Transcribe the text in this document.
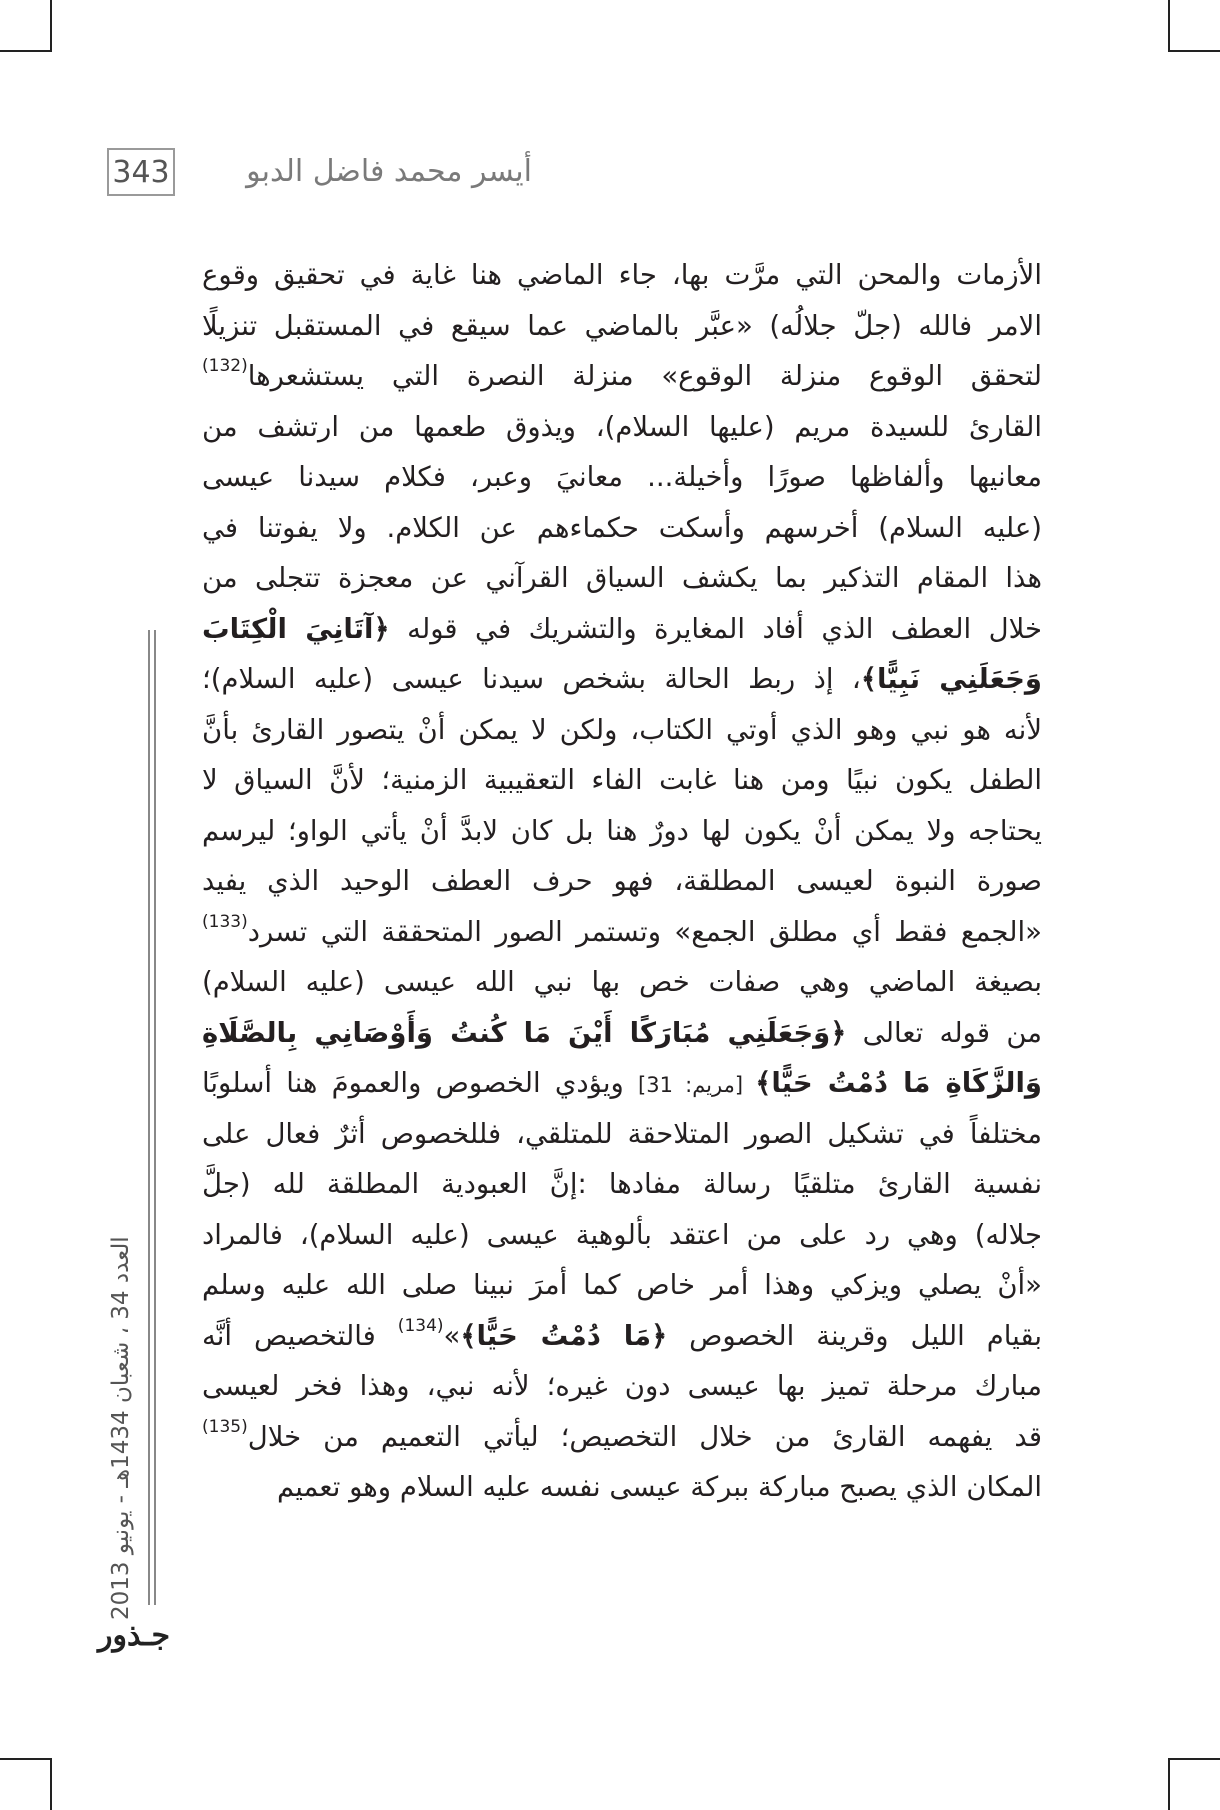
343	أيسر محمد فاضل الدبو
العدد 34 ، شعبان 1434هـ - يونيو 2013
جـذور
الأزمات والمحن التي مرَّت بها، جاء الماضي هنا غاية في تحقيق وقوع
الامر فالله (جلّ جلالُه) «عبَّر بالماضي عما سيقع في المستقبل تنزيلًا
لتحقق الوقوع منزلة الوقوع» منزلة النصرة التي يستشعرها$^{(132)}$
القارئ للسيدة مريم (عليها السلام)، ويذوق طعمها من ارتشف من
معانيها وألفاظها صورًا وأخيلة... معانيَ وعبر، فكلام سيدنا عيسى
(عليه السلام) أخرسهم وأسكت حكماءهم عن الكلام. ولا يفوتنا في
هذا المقام التذكير بما يكشف السياق القرآني عن معجزة تتجلى من
خلال العطف الذي أفاد المغايرة والتشريك في قوله ﴿آتَانِيَ الْكِتَابَ
وَجَعَلَنِي نَبِيًّا﴾، إذ ربط الحالة بشخص سيدنا عيسى (عليه السلام)؛
لأنه هو نبي وهو الذي أوتي الكتاب، ولكن لا يمكن أنْ يتصور القارئ بأنَّ
الطفل يكون نبيًا ومن هنا غابت الفاء التعقيبية الزمنية؛ لأنَّ السياق لا
يحتاجه ولا يمكن أنْ يكون لها دورٌ هنا بل كان لابدَّ أنْ يأتي الواو؛ ليرسم
صورة النبوة لعيسى المطلقة، فهو حرف العطف الوحيد الذي يفيد
«الجمع فقط أي مطلق الجمع» وتستمر الصور المتحققة التي تسرد$^{(133)}$
بصيغة الماضي وهي صفات خص بها نبي الله عيسى (عليه السلام)
من قوله تعالى ﴿وَجَعَلَنِي مُبَارَكًا أَيْنَ مَا كُنتُ وَأَوْصَانِي بِالصَّلَاةِ
وَالزَّكَاةِ مَا دُمْتُ حَيًّا﴾ [مريم: 31] ويؤدي الخصوص والعمومَ هنا أسلوبًا
مختلفاً في تشكيل الصور المتلاحقة للمتلقي، فللخصوص أثرٌ فعال على
نفسية القارئ متلقيًا رسالة مفادها :إنَّ العبودية المطلقة لله (جلَّ
جلاله) وهي رد على من اعتقد بألوهية عيسى (عليه السلام)، فالمراد
«أنْ يصلي ويزكي وهذا أمر خاص كما أمرَ نبينا صلى الله عليه وسلم
بقيام الليل وقرينة الخصوص ﴿مَا دُمْتُ حَيًّا﴾»$^{(134)}$ فالتخصيص أنَّه
مبارك مرحلة تميز بها عيسى دون غيره؛ لأنه نبي، وهذا فخر لعيسى
قد يفهمه القارئ من خلال التخصيص؛ ليأتي التعميم من خلال$^{(135)}$
المكان الذي يصبح مباركة ببركة عيسى نفسه عليه السلام وهو تعميم
